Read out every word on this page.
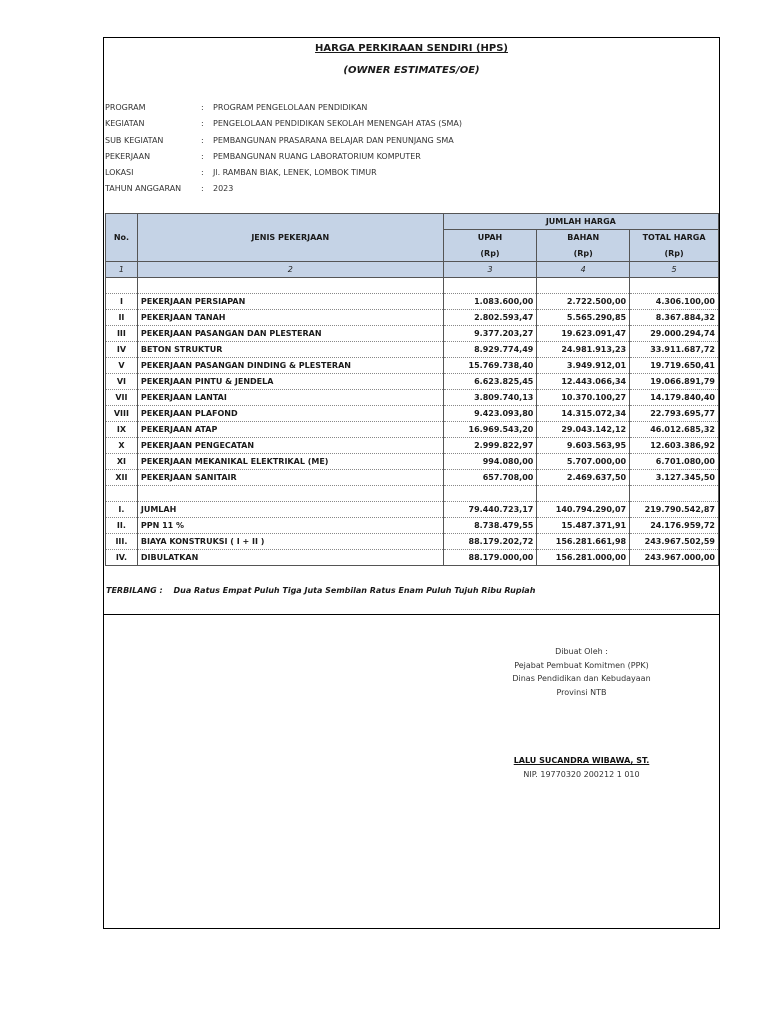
HARGA PERKIRAAN SENDIRI (HPS)
(OWNER ESTIMATES/OE)
PROGRAM	: PROGRAM PENGELOLAAN PENDIDIKAN
KEGIATAN	: PENGELOLAAN PENDIDIKAN SEKOLAH MENENGAH ATAS (SMA)
SUB KEGIATAN	: PEMBANGUNAN PRASARANA BELAJAR DAN PENUNJANG SMA
PEKERJAAN	: PEMBANGUNAN RUANG LABORATORIUM KOMPUTER
LOKASI	: Jl. RAMBAN BIAK, LENEK, LOMBOK TIMUR
TAHUN ANGGARAN : 2023
No.	JENIS PEKERJAAN	JUMLAH HARGA		
		UPAH	BAHAN	TOTAL HARGA
		(Rp)	(Rp)	(Rp)
1	2	3	4	5

I	PEKERJAAN PERSIAPAN	1.083.600,00	2.722.500,00	4.306.100,00
II	PEKERJAAN TANAH	2.802.593,47	5.565.290,85	8.367.884,32
III	PEKERJAAN PASANGAN DAN PLESTERAN	9.377.203,27	19.623.091,47	29.000.294,74
IV	BETON STRUKTUR	8.929.774,49	24.981.913,23	33.911.687,72
V	PEKERJAAN PASANGAN DINDING & PLESTERAN	15.769.738,40	3.949.912,01	19.719.650,41
VI	PEKERJAAN PINTU & JENDELA	6.623.825,45	12.443.066,34	19.066.891,79
VII	PEKERJAAN LANTAI	3.809.740,13	10.370.100,27	14.179.840,40
VIII	PEKERJAAN PLAFOND	9.423.093,80	14.315.072,34	22.793.695,77
IX	PEKERJAAN ATAP	16.969.543,20	29.043.142,12	46.012.685,32
X	PEKERJAAN PENGECATAN	2.999.822,97	9.603.563,95	12.603.386,92
XI	PEKERJAAN MEKANIKAL ELEKTRIKAL (ME)	994.080,00	5.707.000,00	6.701.080,00
XII	PEKERJAAN SANITAIR	657.708,00	2.469.637,50	3.127.345,50

I.	JUMLAH	79.440.723,17	140.794.290,07	219.790.542,87
II.	PPN 11 %	8.738.479,55	15.487.371,91	24.176.959,72
III.	BIAYA KONSTRUKSI ( I + II )	88.179.202,72	156.281.661,98	243.967.502,59
IV.	DIBULATKAN	88.179.000,00	156.281.000,00	243.967.000,00
TERBILANG : Dua Ratus Empat Puluh Tiga Juta Sembilan Ratus Enam Puluh Tujuh Ribu Rupiah
Dibuat Oleh :
Pejabat Pembuat Komitmen (PPK)
Dinas Pendidikan dan Kebudayaan
Provinsi NTB
LALU SUCANDRA WIBAWA, ST.
NIP. 19770320 200212 1 010
